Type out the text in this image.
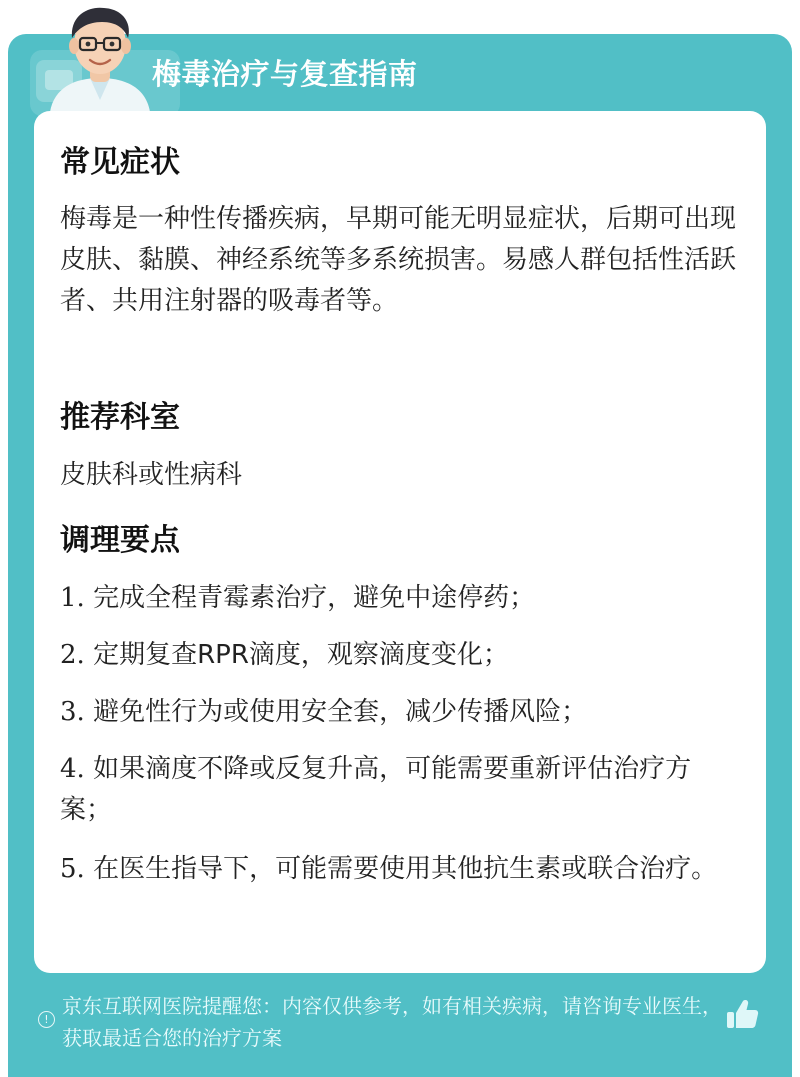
梅毒治疗与复查指南
常见症状
梅毒是一种性传播疾病，早期可能无明显症状，后期可出现皮肤、黏膜、神经系统等多系统损害。易感人群包括性活跃者、共用注射器的吸毒者等。
推荐科室
皮肤科或性病科
调理要点
1. 完成全程青霉素治疗，避免中途停药；
2. 定期复查RPR滴度，观察滴度变化；
3. 避免性行为或使用安全套，减少传播风险；
4. 如果滴度不降或反复升高，可能需要重新评估治疗方案；
5. 在医生指导下，可能需要使用其他抗生素或联合治疗。
!
京东互联网医院提醒您：内容仅供参考，如有相关疾病，请咨询专业医生，获取最适合您的治疗方案
